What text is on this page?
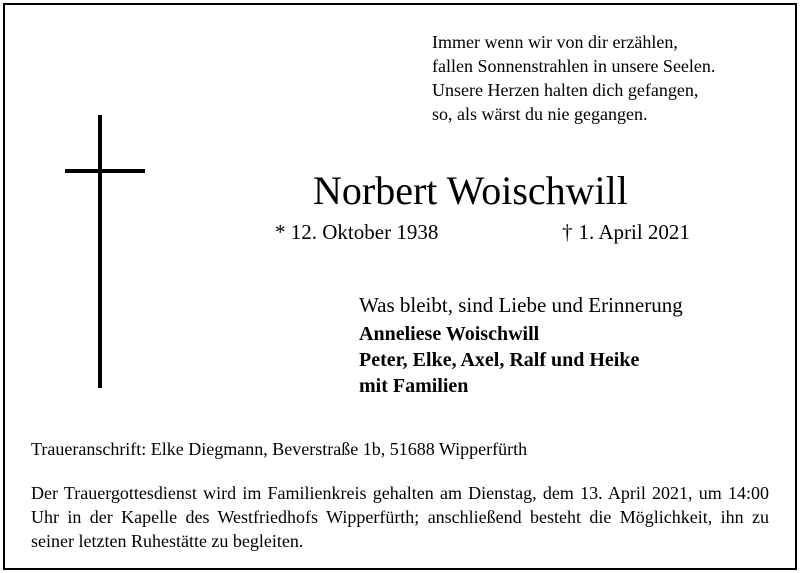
Immer wenn wir von dir erzählen,
fallen Sonnenstrahlen in unsere Seelen.
Unsere Herzen halten dich gefangen,
so, als wärst du nie gegangen.
Norbert Woischwill
* 12. Oktober 1938	† 1. April 2021
Was bleibt, sind Liebe und Erinnerung
Anneliese Woischwill
Peter, Elke, Axel, Ralf und Heike
mit Familien
Traueranschrift: Elke Diegmann, Beverstraße 1b, 51688 Wipperfürth
Der Trauergottesdienst wird im Familienkreis gehalten am Dienstag, dem 13. April 2021, um 14:00 Uhr in der Kapelle des Westfriedhofs Wipperfürth; anschließend besteht die Möglichkeit, ihn zu seiner letzten Ruhestätte zu begleiten.
